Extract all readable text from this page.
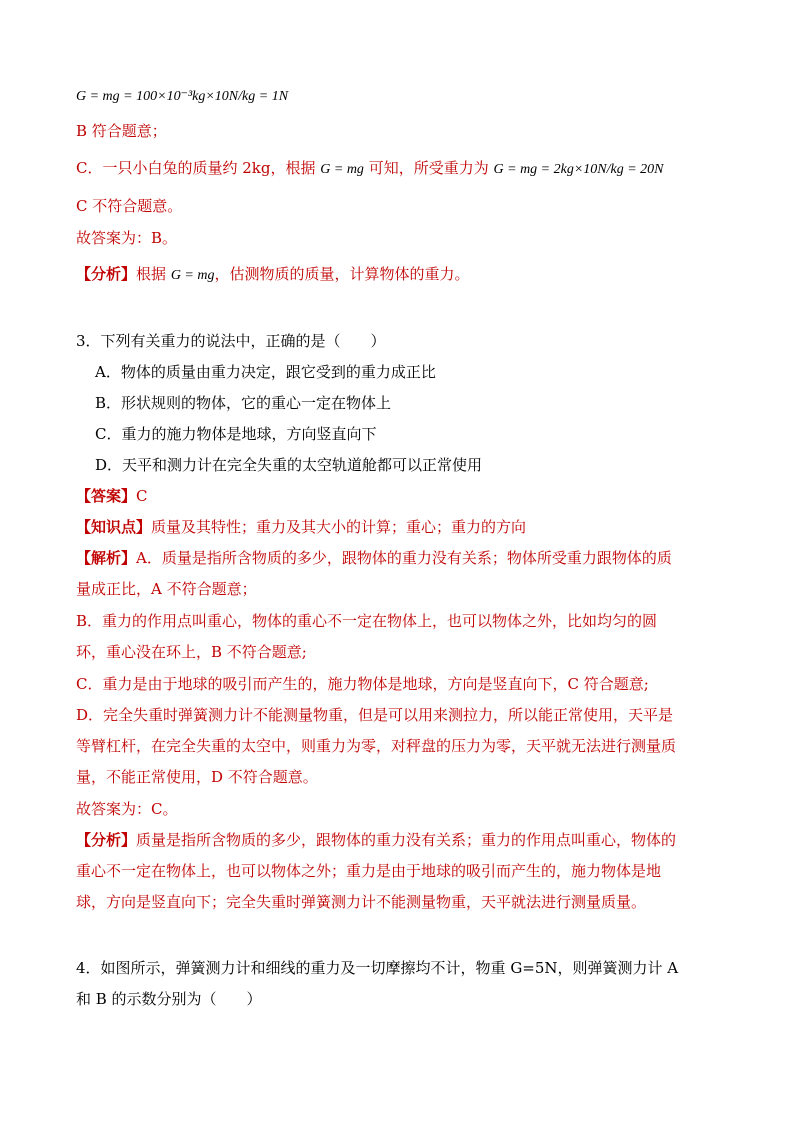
G = mg = 100×10⁻³kg×10N/kg = 1N
B 符合题意；
C．一只小白兔的质量约 2kg，根据 G = mg 可知，所受重力为 G = mg = 2kg×10N/kg = 20N
C 不符合题意。
故答案为：B。
【分析】根据 G = mg，估测物质的质量，计算物体的重力。
3．下列有关重力的说法中，正确的是（　　）
A．物体的质量由重力决定，跟它受到的重力成正比
B．形状规则的物体，它的重心一定在物体上
C．重力的施力物体是地球，方向竖直向下
D．天平和测力计在完全失重的太空轨道舱都可以正常使用
【答案】C
【知识点】质量及其特性；重力及其大小的计算；重心；重力的方向
【解析】A．质量是指所含物质的多少，跟物体的重力没有关系；物体所受重力跟物体的质
量成正比，A 不符合题意；
B．重力的作用点叫重心，物体的重心不一定在物体上，也可以物体之外，比如均匀的圆
环，重心没在环上，B 不符合题意;
C．重力是由于地球的吸引而产生的，施力物体是地球，方向是竖直向下，C 符合题意;
D．完全失重时弹簧测力计不能测量物重，但是可以用来测拉力，所以能正常使用，天平是
等臂杠杆，在完全失重的太空中，则重力为零，对秤盘的压力为零，天平就无法进行测量质
量，不能正常使用，D 不符合题意。
故答案为：C。
【分析】质量是指所含物质的多少，跟物体的重力没有关系；重力的作用点叫重心，物体的
重心不一定在物体上，也可以物体之外；重力是由于地球的吸引而产生的，施力物体是地
球，方向是竖直向下；完全失重时弹簧测力计不能测量物重，天平就法进行测量质量。
4．如图所示，弹簧测力计和细线的重力及一切摩擦均不计，物重 G=5N，则弹簧测力计 A
和 B 的示数分别为（　　）
